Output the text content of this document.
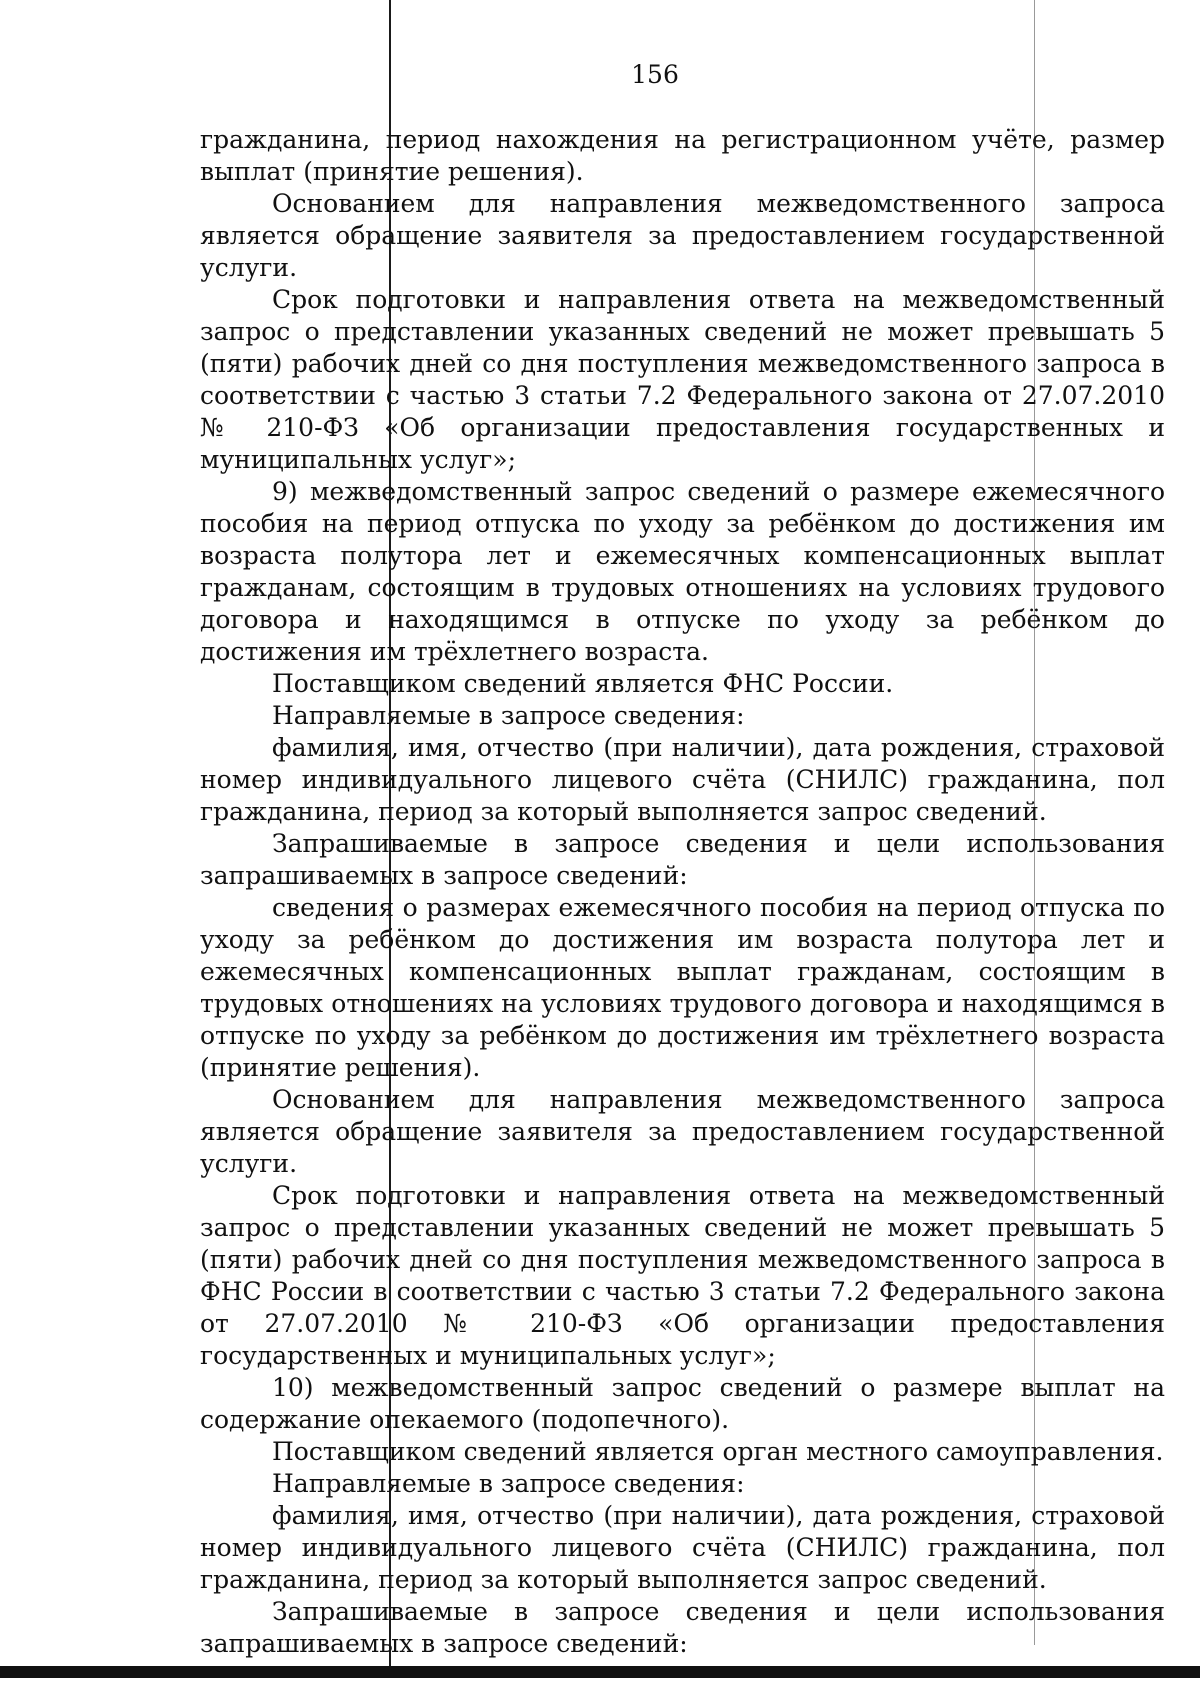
156

гражданина, период нахождения на регистрационном учёте, размер выплат (принятие решения).

Основанием для направления межведомственного запроса является обращение заявителя за предоставлением государственной услуги.

Срок подготовки и направления ответа на межведомственный запрос о представлении указанных сведений не может превышать 5 (пяти) рабочих дней со дня поступления межведомственного запроса в соответствии с частью 3 статьи 7.2 Федерального закона от 27.07.2010 № 210-ФЗ «Об организации предоставления государственных и муниципальных услуг»;

9) межведомственный запрос сведений о размере ежемесячного пособия на период отпуска по уходу за ребёнком до достижения им возраста полутора лет и ежемесячных компенсационных выплат гражданам, состоящим в трудовых отношениях на условиях трудового договора и находящимся в отпуске по уходу за ребёнком до достижения им трёхлетнего возраста.

Поставщиком сведений является ФНС России.

Направляемые в запросе сведения:

фамилия, имя, отчество (при наличии), дата рождения, страховой номер индивидуального лицевого счёта (СНИЛС) гражданина, пол гражданина, период за который выполняется запрос сведений.

Запрашиваемые в запросе сведения и цели использования запрашиваемых в запросе сведений:

сведения о размерах ежемесячного пособия на период отпуска по уходу за ребёнком до достижения им возраста полутора лет и ежемесячных компенсационных выплат гражданам, состоящим в трудовых отношениях на условиях трудового договора и находящимся в отпуске по уходу за ребёнком до достижения им трёхлетнего возраста (принятие решения).

Основанием для направления межведомственного запроса является обращение заявителя за предоставлением государственной услуги.

Срок подготовки и направления ответа на межведомственный запрос о представлении указанных сведений не может превышать 5 (пяти) рабочих дней со дня поступления межведомственного запроса в ФНС России в соответствии с частью 3 статьи 7.2 Федерального закона от 27.07.2010 № 210-ФЗ «Об организации предоставления государственных и муниципальных услуг»;

10) межведомственный запрос сведений о размере выплат на содержание опекаемого (подопечного).

Поставщиком сведений является орган местного самоуправления.

Направляемые в запросе сведения:

фамилия, имя, отчество (при наличии), дата рождения, страховой номер индивидуального лицевого счёта (СНИЛС) гражданина, пол гражданина, период за который выполняется запрос сведений.

Запрашиваемые в запросе сведения и цели использования запрашиваемых в запросе сведений:
